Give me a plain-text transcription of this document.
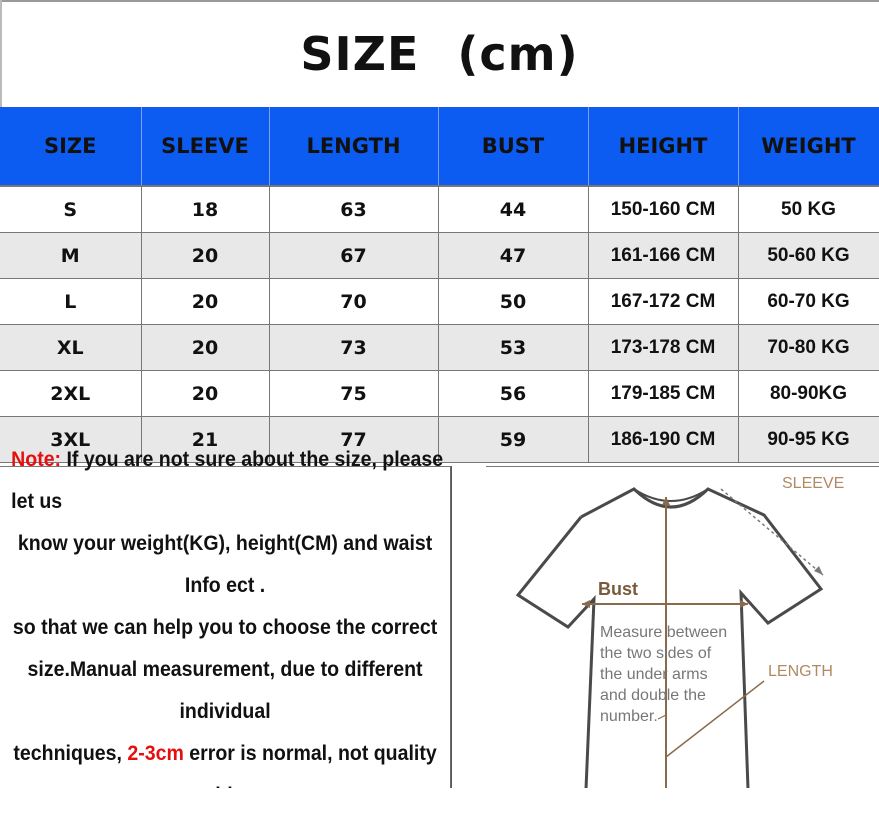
SIZE (cm)
SIZE	SLEEVE	LENGTH	BUST	HEIGHT	WEIGHT
S	18	63	44	150-160 CM	50 KG
M	20	67	47	161-166 CM	50-60 KG
L	20	70	50	167-172 CM	60-70 KG
XL	20	73	53	173-178 CM	70-80 KG
2XL	20	75	56	179-185 CM	80-90KG
3XL	21	77	59	186-190 CM	90-95 KG
Note: If you are not sure about the size, please let us
know your weight(KG), height(CM) and waist Info ect .
so that we can help you to choose the correct
size.Manual measurement, due to different individual
techniques, 2-3cm error is normal, not quality
SLEEVE
Bust
LENGTH
Measure between
the two sides of
the under arms
and double the
number.
